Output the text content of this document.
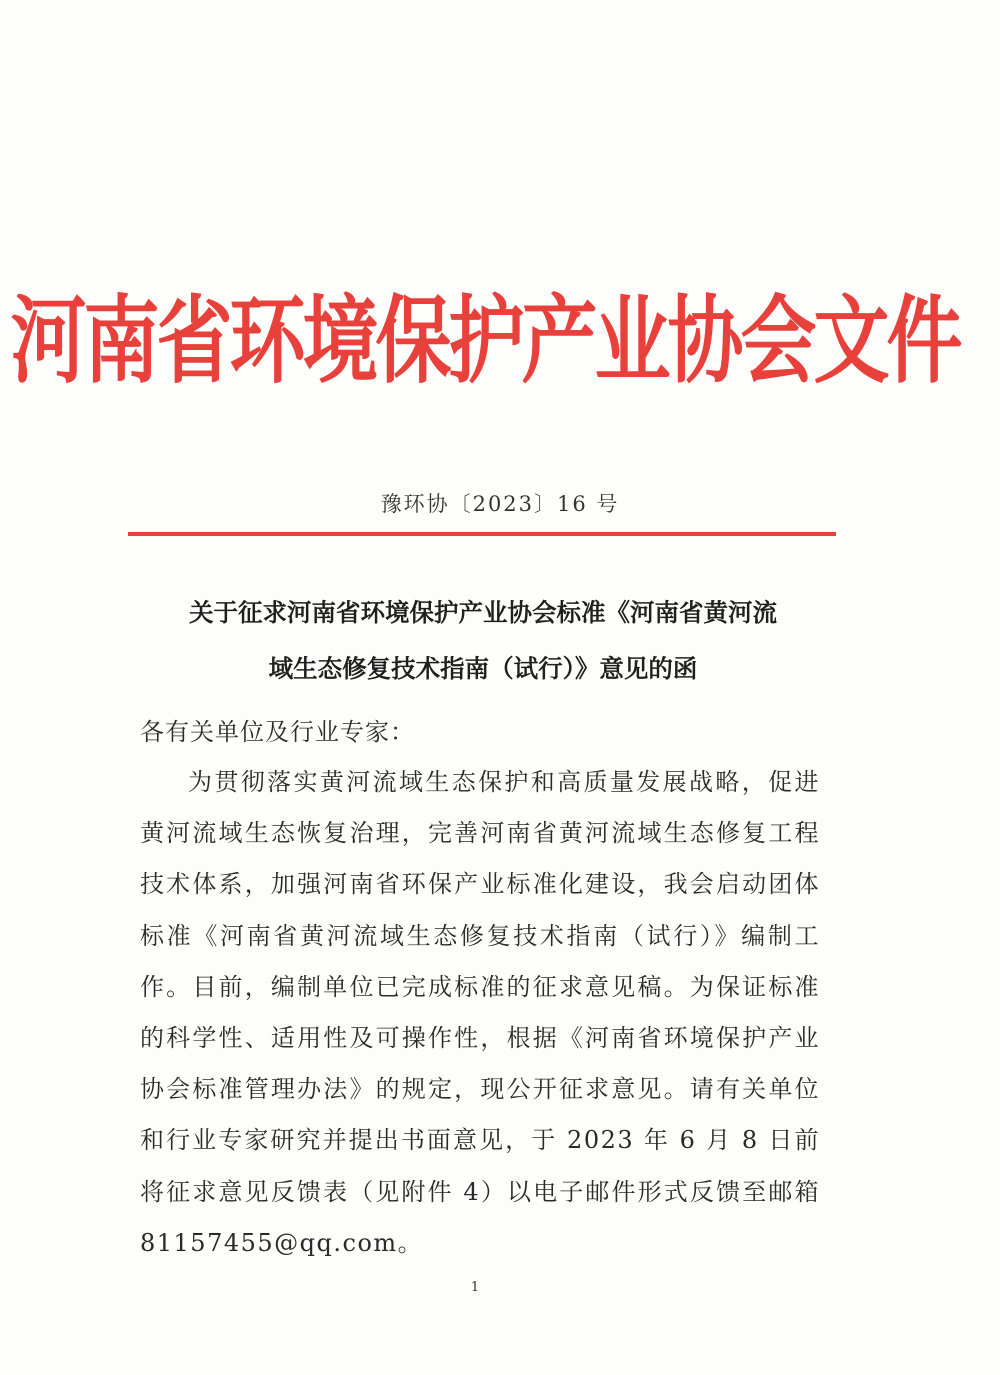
河南省环境保护产业协会文件
豫环协〔2023〕16 号
关于征求河南省环境保护产业协会标准《河南省黄河流
域生态修复技术指南（试行）》意见的函
各有关单位及行业专家：

为贯彻落实黄河流域生态保护和高质量发展战略，促进黄河流域生态恢复治理，完善河南省黄河流域生态修复工程技术体系，加强河南省环保产业标准化建设，我会启动团体标准《河南省黄河流域生态修复技术指南（试行）》编制工作。目前，编制单位已完成标准的征求意见稿。为保证标准的科学性、适用性及可操作性，根据《河南省环境保护产业协会标准管理办法》的规定，现公开征求意见。请有关单位和行业专家研究并提出书面意见，于 2023 年 6 月 8 日前将征求意见反馈表（见附件 4）以电子邮件形式反馈至邮箱81157455@qq.com。

1
